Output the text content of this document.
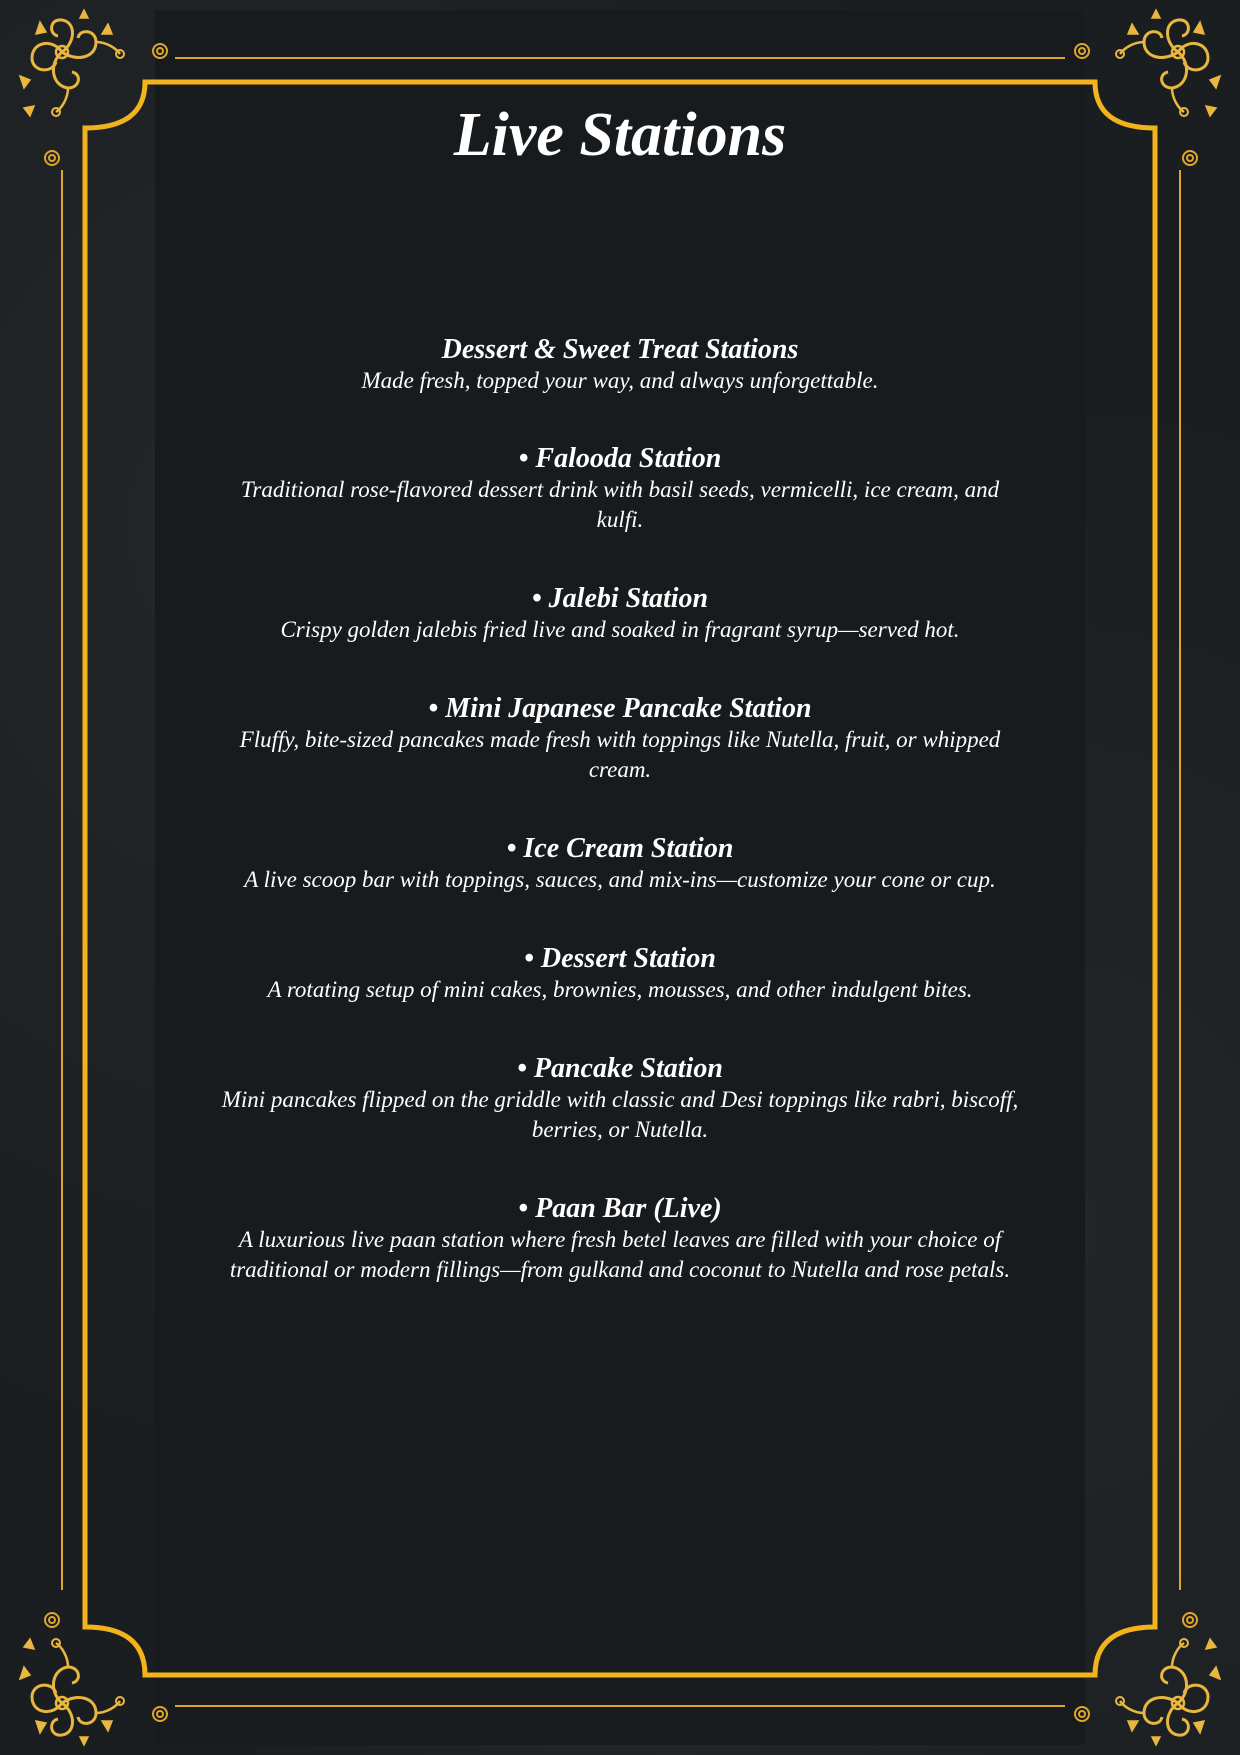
Live Stations

Dessert & Sweet Treat Stations

Made fresh, topped your way, and always unforgettable.

• Falooda Station

Traditional rose-flavored dessert drink with basil seeds, vermicelli, ice cream, and kulfi.

• Jalebi Station

Crispy golden jalebis fried live and soaked in fragrant syrup—served hot.

• Mini Japanese Pancake Station

Fluffy, bite-sized pancakes made fresh with toppings like Nutella, fruit, or whipped cream.

• Ice Cream Station

A live scoop bar with toppings, sauces, and mix-ins—customize your cone or cup.

• Dessert Station

A rotating setup of mini cakes, brownies, mousses, and other indulgent bites.

• Pancake Station

Mini pancakes flipped on the griddle with classic and Desi toppings like rabri, biscoff, berries, or Nutella.

• Paan Bar (Live)

A luxurious live paan station where fresh betel leaves are filled with your choice of traditional or modern fillings—from gulkand and coconut to Nutella and rose petals.
